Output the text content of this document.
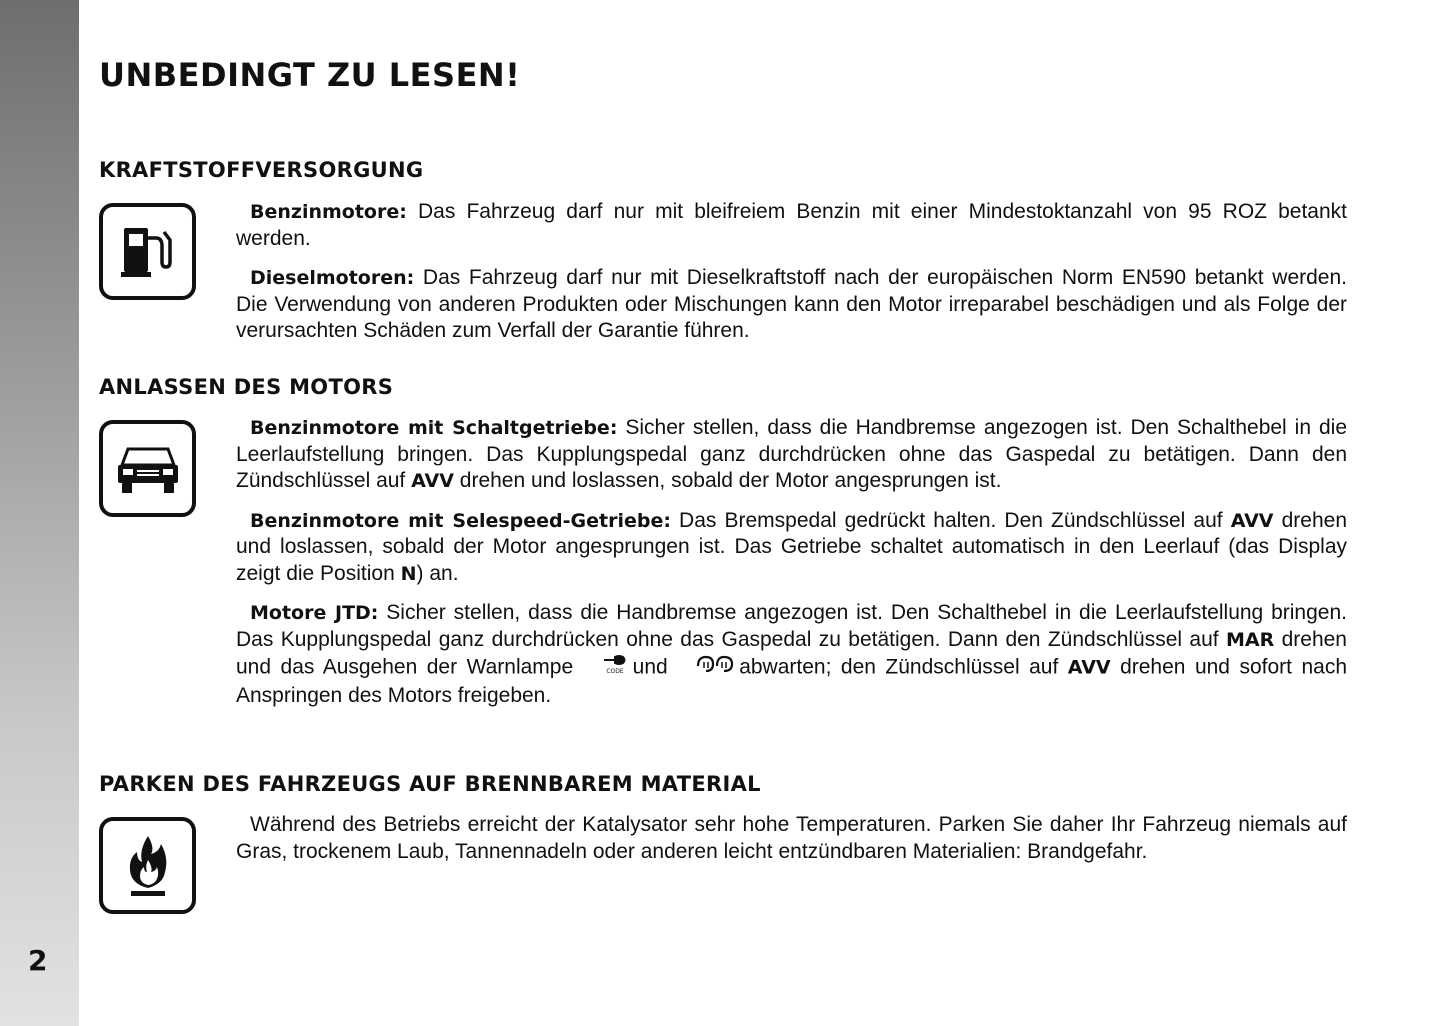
2
UNBEDINGT ZU LESEN!
KRAFTSTOFFVERSORGUNG

Benzinmotore: Das Fahrzeug darf nur mit bleifreiem Benzin mit einer Mindestoktanzahl von 95 ROZ betankt werden.

Dieselmotoren: Das Fahrzeug darf nur mit Dieselkraftstoff nach der europäischen Norm EN590 betankt werden. Die Verwendung von anderen Produkten oder Mischungen kann den Motor irreparabel beschädigen und als Folge der verursachten Schäden zum Verfall der Garantie führen.

ANLASSEN DES MOTORS

Benzinmotore mit Schaltgetriebe: Sicher stellen, dass die Handbremse angezogen ist. Den Schalthebel in die Leerlaufstellung bringen. Das Kupplungspedal ganz durchdrücken ohne das Gaspedal zu betätigen. Dann den Zündschlüssel auf AVV drehen und loslassen, sobald der Motor angesprungen ist.

Benzinmotore mit Selespeed-Getriebe: Das Bremspedal gedrückt halten. Den Zündschlüssel auf AVV drehen und loslassen, sobald der Motor angesprungen ist. Das Getriebe schaltet automatisch in den Leerlauf (das Display zeigt die Position N) an.

Motore JTD: Sicher stellen, dass die Handbremse angezogen ist. Den Schalthebel in die Leerlaufstellung bringen. Das Kupplungspedal ganz durchdrücken ohne das Gaspedal zu betätigen. Dann den Zündschlüssel auf MAR drehen und das Ausgehen der Warnlampe	CODE und	abwarten; den Zündschlüssel auf AVV drehen und sofort nach Anspringen des Motors freigeben.

PARKEN DES FAHRZEUGS AUF BRENNBAREM MATERIAL

Während des Betriebs erreicht der Katalysator sehr hohe Temperaturen. Parken Sie daher Ihr Fahrzeug niemals auf Gras, trockenem Laub, Tannennadeln oder anderen leicht entzündbaren Materialien: Brandgefahr.
